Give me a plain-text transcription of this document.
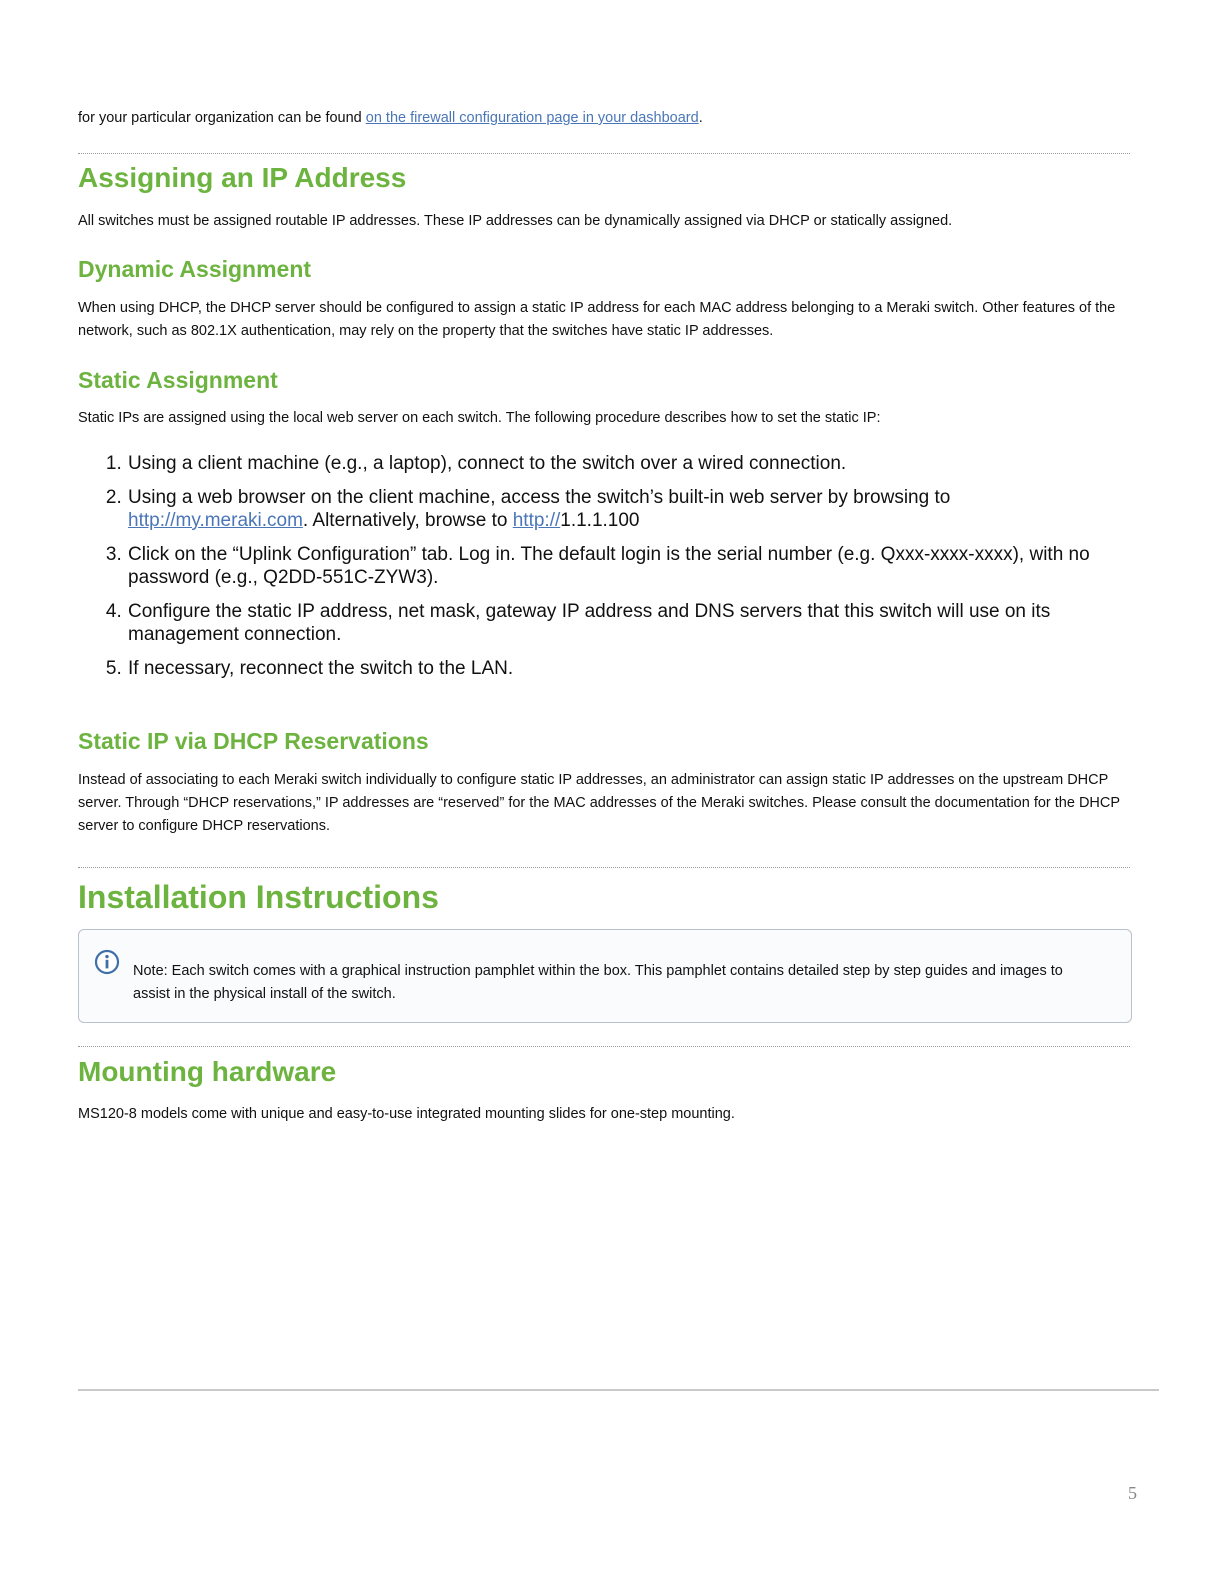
for your particular organization can be found on the firewall configuration page in your dashboard.

Assigning an IP Address

All switches must be assigned routable IP addresses. These IP addresses can be dynamically assigned via DHCP or statically assigned.

Dynamic Assignment

When using DHCP, the DHCP server should be configured to assign a static IP address for each MAC address belonging to a Meraki switch. Other features of the network, such as 802.1X authentication, may rely on the property that the switches have static IP addresses.

Static Assignment

Static IPs are assigned using the local web server on each switch. The following procedure describes how to set the static IP:

1. Using a client machine (e.g., a laptop), connect to the switch over a wired connection.
2. Using a web browser on the client machine, access the switch’s built-in web server by browsing to http://my.meraki.com. Alternatively, browse to http://1.1.1.100
3. Click on the “Uplink Configuration” tab. Log in. The default login is the serial number (e.g. Qxxx-xxxx-xxxx), with no password (e.g., Q2DD-551C-ZYW3).
4. Configure the static IP address, net mask, gateway IP address and DNS servers that this switch will use on its management connection.
5. If necessary, reconnect the switch to the LAN.
Static IP via DHCP Reservations

Instead of associating to each Meraki switch individually to configure static IP addresses, an administrator can assign static IP addresses on the upstream DHCP server. Through “DHCP reservations,” IP addresses are “reserved” for the MAC addresses of the Meraki switches. Please consult the documentation for the DHCP server to configure DHCP reservations.

Installation Instructions

Note: Each switch comes with a graphical instruction pamphlet within the box. This pamphlet contains detailed step by step guides and images to assist in the physical install of the switch.

Mounting hardware

MS120-8 models come with unique and easy-to-use integrated mounting slides for one-step mounting.

5
